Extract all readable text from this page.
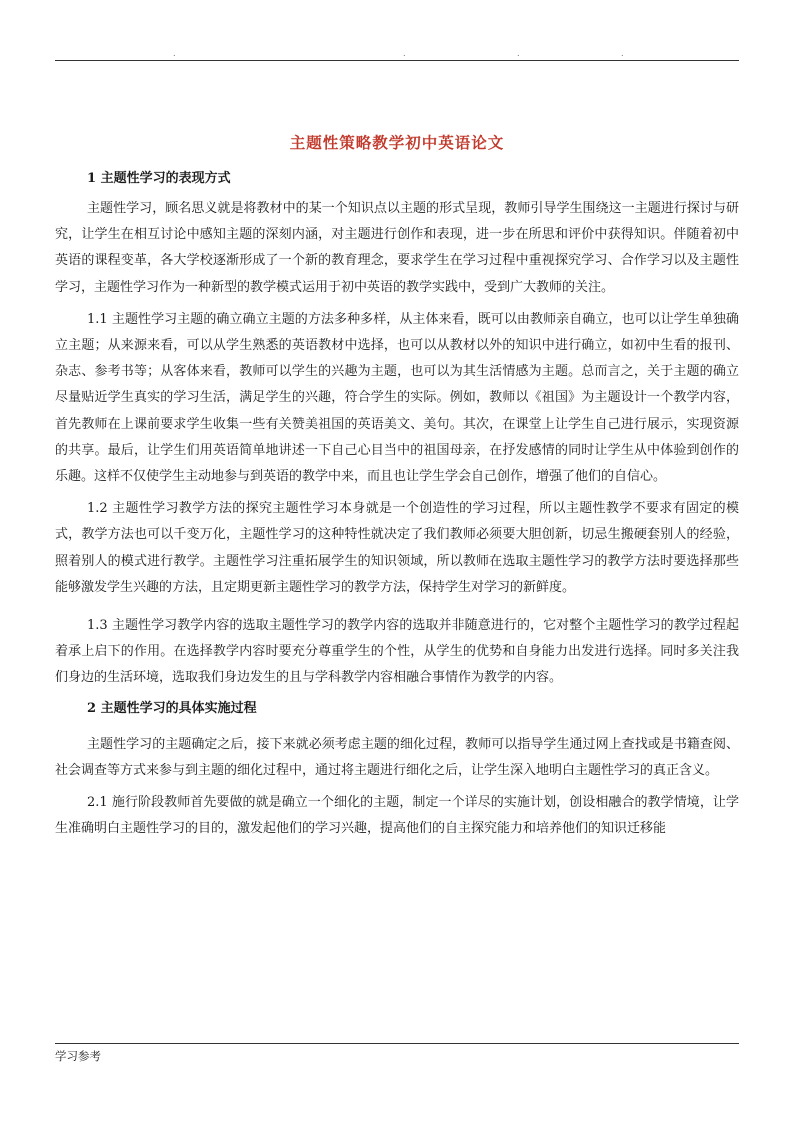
.	.	.	.
主题性策略教学初中英语论文
1 主题性学习的表现方式

主题性学习，顾名思义就是将教材中的某一个知识点以主题的形式呈现，教师引导学生围绕这一主题进行探讨与研究，让学生在相互讨论中感知主题的深刻内涵，对主题进行创作和表现，进一步在所思和评价中获得知识。伴随着初中英语的课程变革，各大学校逐渐形成了一个新的教育理念，要求学生在学习过程中重视探究学习、合作学习以及主题性学习，主题性学习作为一种新型的教学模式运用于初中英语的教学实践中，受到广大教师的关注。

1.1 主题性学习主题的确立确立主题的方法多种多样，从主体来看，既可以由教师亲自确立，也可以让学生单独确立主题；从来源来看，可以从学生熟悉的英语教材中选择，也可以从教材以外的知识中进行确立，如初中生看的报刊、杂志、参考书等；从客体来看，教师可以学生的兴趣为主题，也可以为其生活情感为主题。总而言之，关于主题的确立尽量贴近学生真实的学习生活，满足学生的兴趣，符合学生的实际。例如，教师以《祖国》为主题设计一个教学内容，首先教师在上课前要求学生收集一些有关赞美祖国的英语美文、美句。其次，在课堂上让学生自己进行展示，实现资源的共享。最后，让学生们用英语简单地讲述一下自己心目当中的祖国母亲，在抒发感情的同时让学生从中体验到创作的乐趣。这样不仅使学生主动地参与到英语的教学中来，而且也让学生学会自己创作，增强了他们的自信心。

1.2 主题性学习教学方法的探究主题性学习本身就是一个创造性的学习过程，所以主题性教学不要求有固定的模式，教学方法也可以千变万化，主题性学习的这种特性就决定了我们教师必须要大胆创新，切忌生搬硬套别人的经验，照着别人的模式进行教学。主题性学习注重拓展学生的知识领域，所以教师在选取主题性学习的教学方法时要选择那些能够激发学生兴趣的方法，且定期更新主题性学习的教学方法，保持学生对学习的新鲜度。

1.3 主题性学习教学内容的选取主题性学习的教学内容的选取并非随意进行的，它对整个主题性学习的教学过程起着承上启下的作用。在选择教学内容时要充分尊重学生的个性，从学生的优势和自身能力出发进行选择。同时多关注我们身边的生活环境，选取我们身边发生的且与学科教学内容相融合事情作为教学的内容。

2 主题性学习的具体实施过程

主题性学习的主题确定之后，接下来就必须考虑主题的细化过程，教师可以指导学生通过网上查找或是书籍查阅、社会调查等方式来参与到主题的细化过程中，通过将主题进行细化之后，让学生深入地明白主题性学习的真正含义。

2.1 施行阶段教师首先要做的就是确立一个细化的主题，制定一个详尽的实施计划，创设相融合的教学情境，让学生准确明白主题性学习的目的，激发起他们的学习兴趣，提高他们的自主探究能力和培养他们的知识迁移能

学习参考
